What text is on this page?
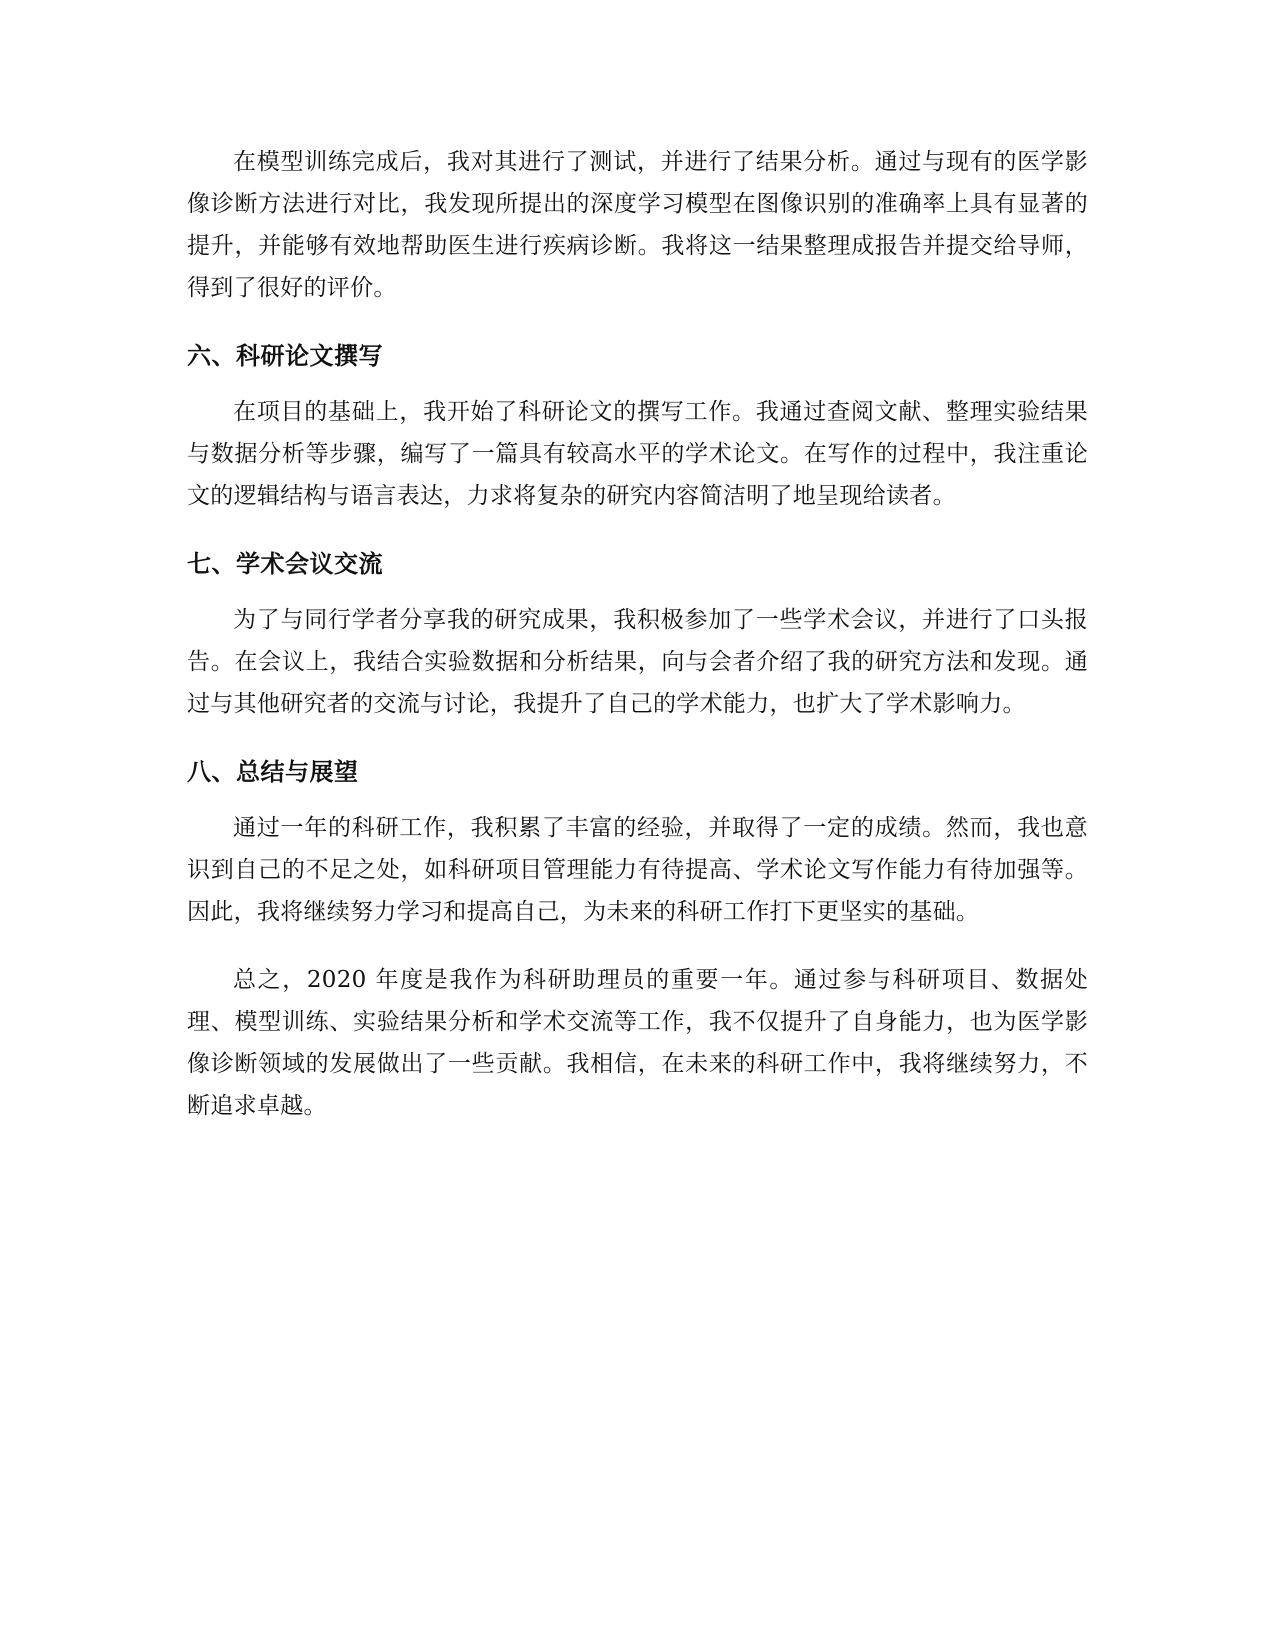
在模型训练完成后，我对其进行了测试，并进行了结果分析。通过与现有的医学影像诊断方法进行对比，我发现所提出的深度学习模型在图像识别的准确率上具有显著的提升，并能够有效地帮助医生进行疾病诊断。我将这一结果整理成报告并提交给导师，得到了很好的评价。

六、科研论文撰写

在项目的基础上，我开始了科研论文的撰写工作。我通过查阅文献、整理实验结果与数据分析等步骤，编写了一篇具有较高水平的学术论文。在写作的过程中，我注重论文的逻辑结构与语言表达，力求将复杂的研究内容简洁明了地呈现给读者。

七、学术会议交流

为了与同行学者分享我的研究成果，我积极参加了一些学术会议，并进行了口头报告。在会议上，我结合实验数据和分析结果，向与会者介绍了我的研究方法和发现。通过与其他研究者的交流与讨论，我提升了自己的学术能力，也扩大了学术影响力。

八、总结与展望

通过一年的科研工作，我积累了丰富的经验，并取得了一定的成绩。然而，我也意识到自己的不足之处，如科研项目管理能力有待提高、学术论文写作能力有待加强等。因此，我将继续努力学习和提高自己，为未来的科研工作打下更坚实的基础。

总之，2020 年度是我作为科研助理员的重要一年。通过参与科研项目、数据处理、模型训练、实验结果分析和学术交流等工作，我不仅提升了自身能力，也为医学影像诊断领域的发展做出了一些贡献。我相信，在未来的科研工作中，我将继续努力，不断追求卓越。
